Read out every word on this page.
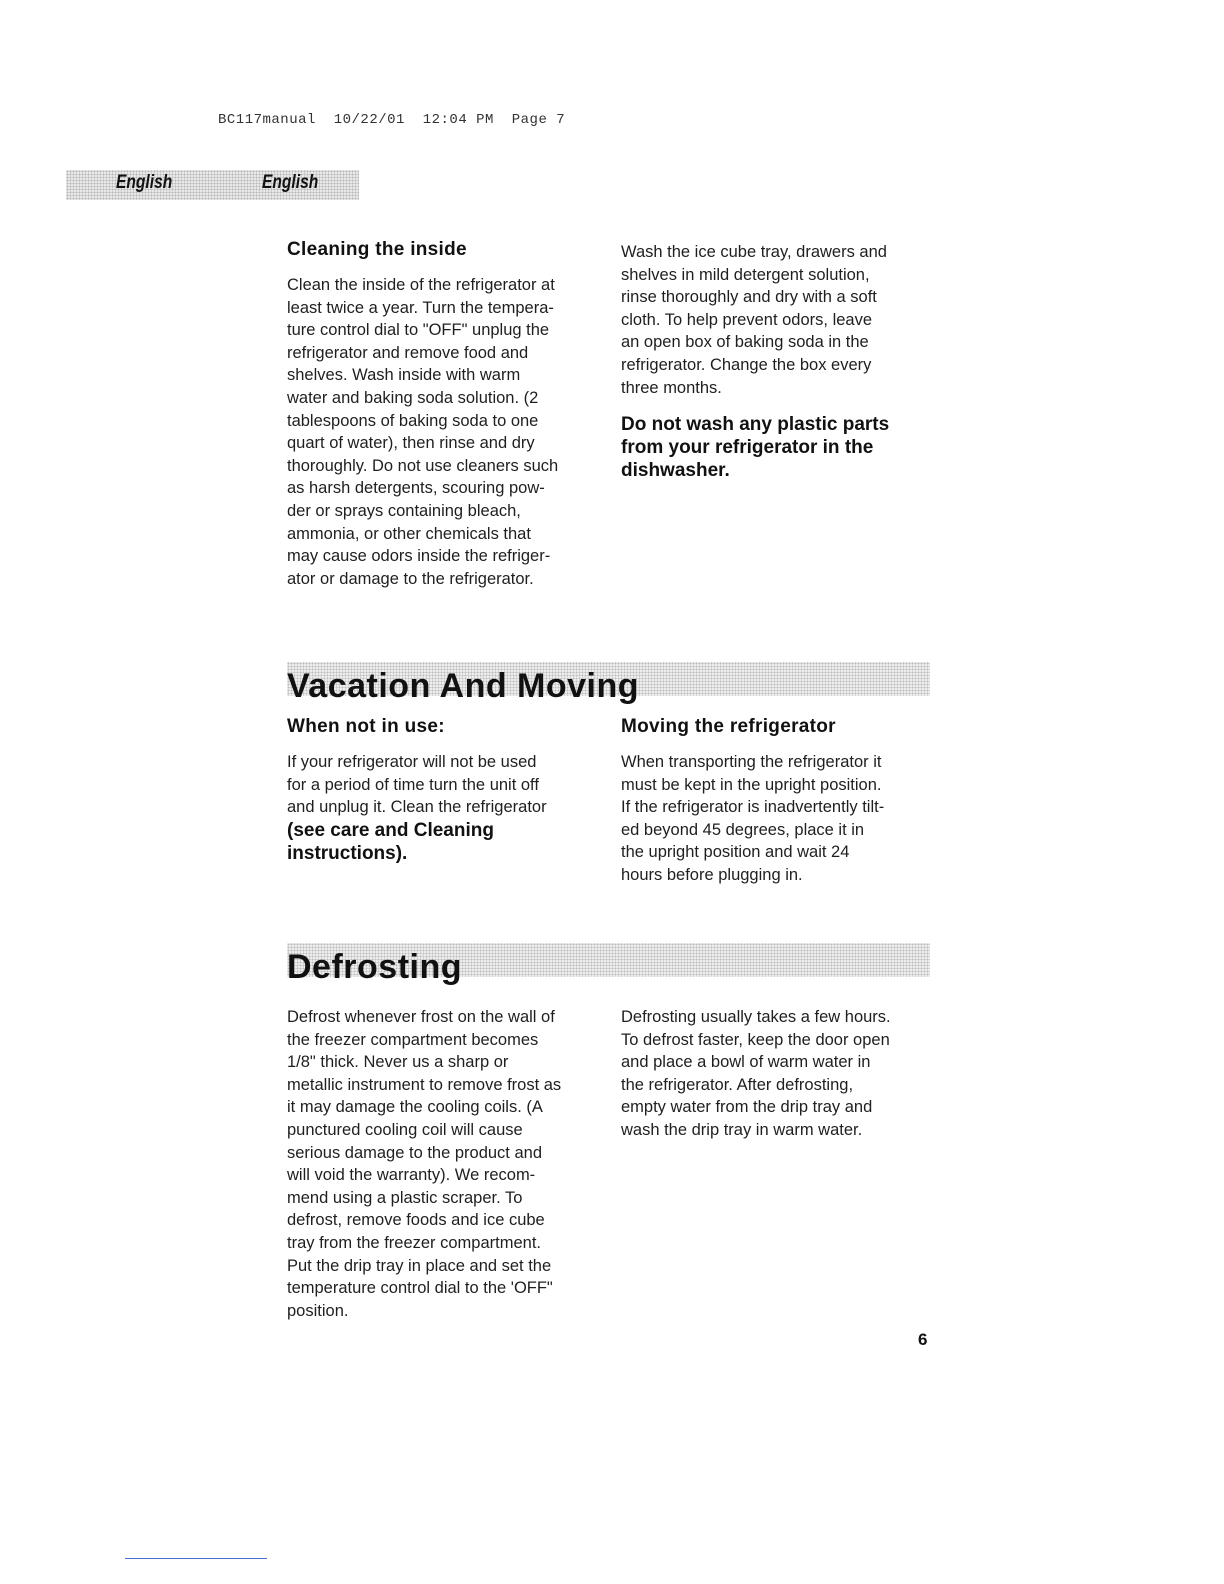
BC117manual  10/22/01  12:04 PM  Page 7
English	English
Cleaning the inside

Clean the inside of the refrigerator at
least twice a year. Turn the tempera-
ture control dial to "OFF" unplug the
refrigerator and remove food and
shelves. Wash inside with warm
water and baking soda solution. (2
tablespoons of baking soda to one
quart of water), then rinse and dry
thoroughly. Do not use cleaners such
as harsh detergents, scouring pow-
der or sprays containing bleach,
ammonia, or other chemicals that
may cause odors inside the refriger-
ator or damage to the refrigerator.

Wash the ice cube tray, drawers and
shelves in mild detergent solution,
rinse thoroughly and dry with a soft
cloth. To help prevent odors, leave
an open box of baking soda in the
refrigerator. Change the box every
three months.

Do not wash any plastic parts
from your refrigerator in the
dishwasher.

Vacation And Moving
When not in use:

If your refrigerator will not be used
for a period of time turn the unit off
and unplug it. Clean the refrigerator

(see care and Cleaning
instructions).

Moving the refrigerator

When transporting the refrigerator it
must be kept in the upright position.
If the refrigerator is inadvertently tilt-
ed beyond 45 degrees, place it in
the upright position and wait 24
hours before plugging in.

Defrosting

Defrost whenever frost on the wall of
the freezer compartment becomes
1/8" thick. Never us a sharp or
metallic instrument to remove frost as
it may damage the cooling coils. (A
punctured cooling coil will cause
serious damage to the product and
will void the warranty). We recom-
mend using a plastic scraper. To
defrost, remove foods and ice cube
tray from the freezer compartment.
Put the drip tray in place and set the
temperature control dial to the 'OFF"
position.

Defrosting usually takes a few hours.
To defrost faster, keep the door open
and place a bowl of warm water in
the refrigerator. After defrosting,
empty water from the drip tray and
wash the drip tray in warm water.

6
